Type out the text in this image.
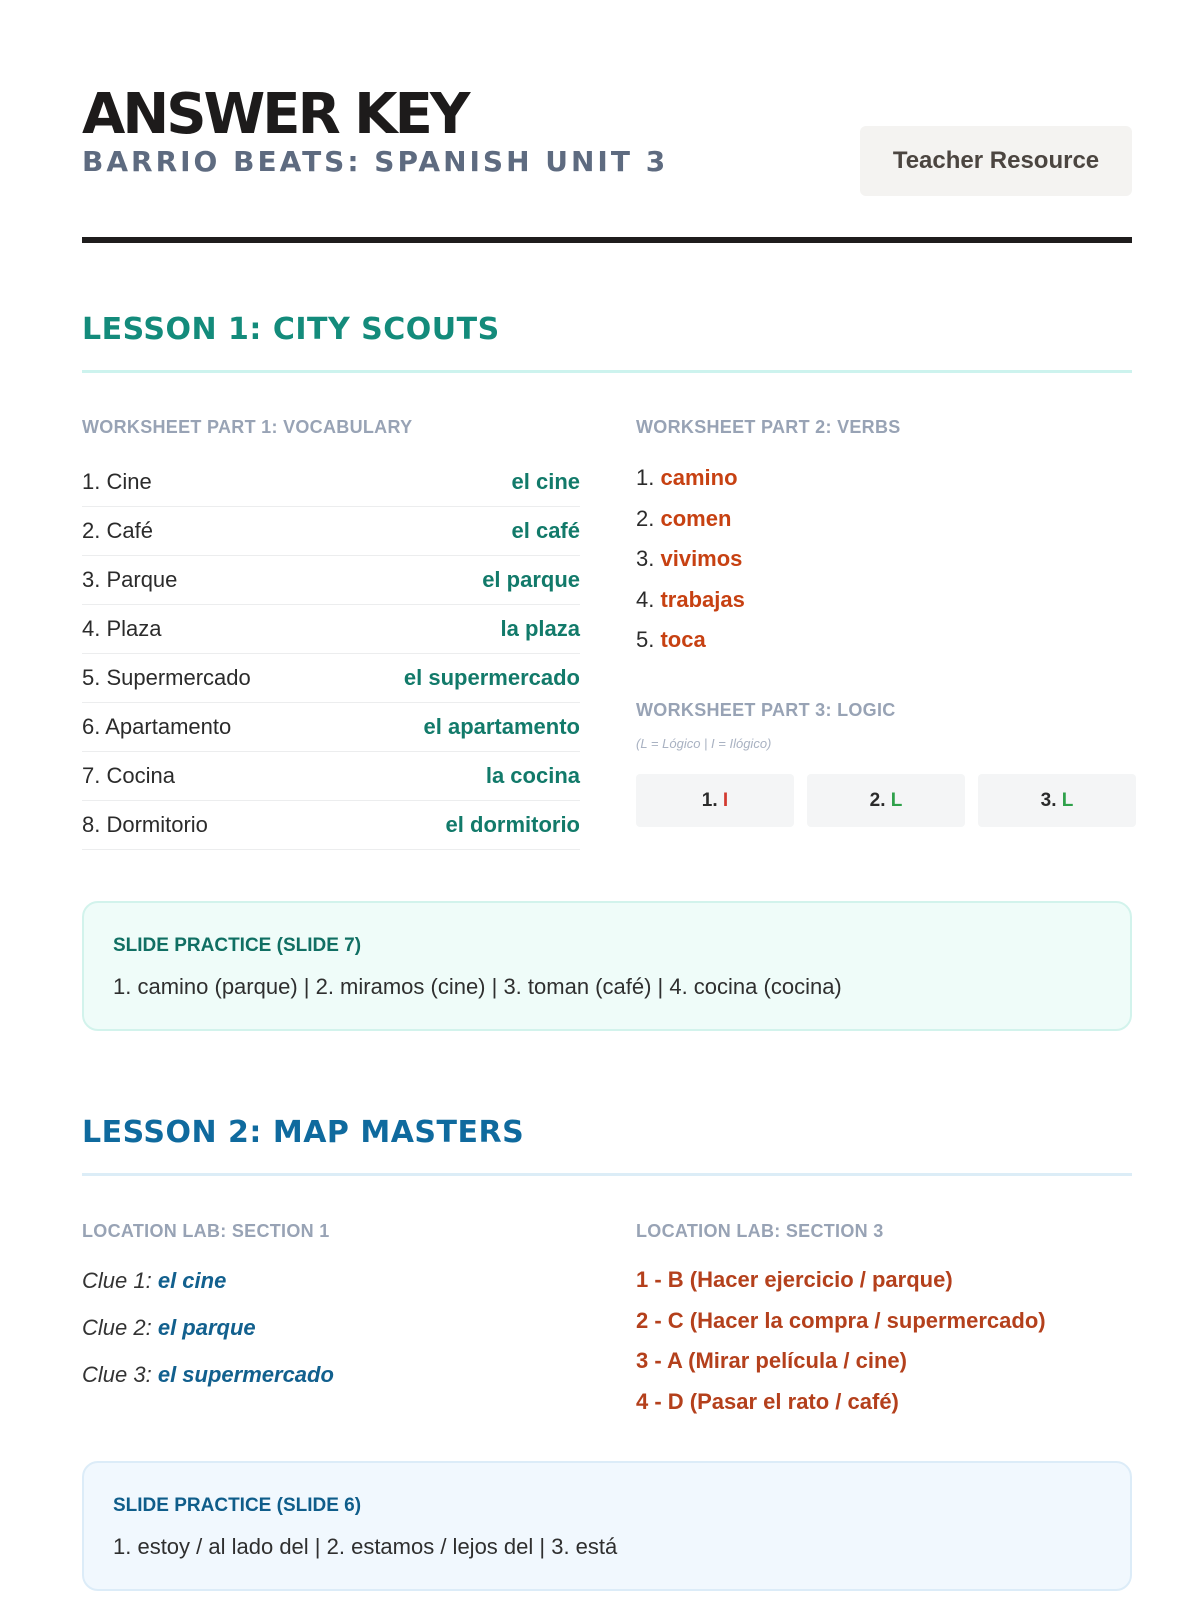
ANSWER KEY
BARRIO BEATS: SPANISH UNIT 3	Teacher Resource
LESSON 1: CITY SCOUTS
WORKSHEET PART 1: VOCABULARY
1. Cine	el cine
2. Café	el café
3. Parque	el parque
4. Plaza	la plaza
5. Supermercado	el supermercado
6. Apartamento	el apartamento
7. Cocina	la cocina
8. Dormitorio	el dormitorio
WORKSHEET PART 2: VERBS
1. camino
2. comen
3. vivimos
4. trabajas
5. toca
WORKSHEET PART 3: LOGIC
(L = Lógico | I = Ilógico)
1.
I	2.
L	3.
L
SLIDE PRACTICE (SLIDE 7)
1. camino (parque) | 2. miramos (cine) | 3. toman (café) | 4. cocina (cocina)
LESSON 2: MAP MASTERS
LOCATION LAB: SECTION 1
Clue 1: el cine
Clue 2: el parque
Clue 3: el supermercado
LOCATION LAB: SECTION 3
1 - B (Hacer ejercicio / parque)
2 - C (Hacer la compra / supermercado)
3 - A (Mirar película / cine)
4 - D (Pasar el rato / café)
SLIDE PRACTICE (SLIDE 6)
1. estoy / al lado del | 2. estamos / lejos del | 3. está
